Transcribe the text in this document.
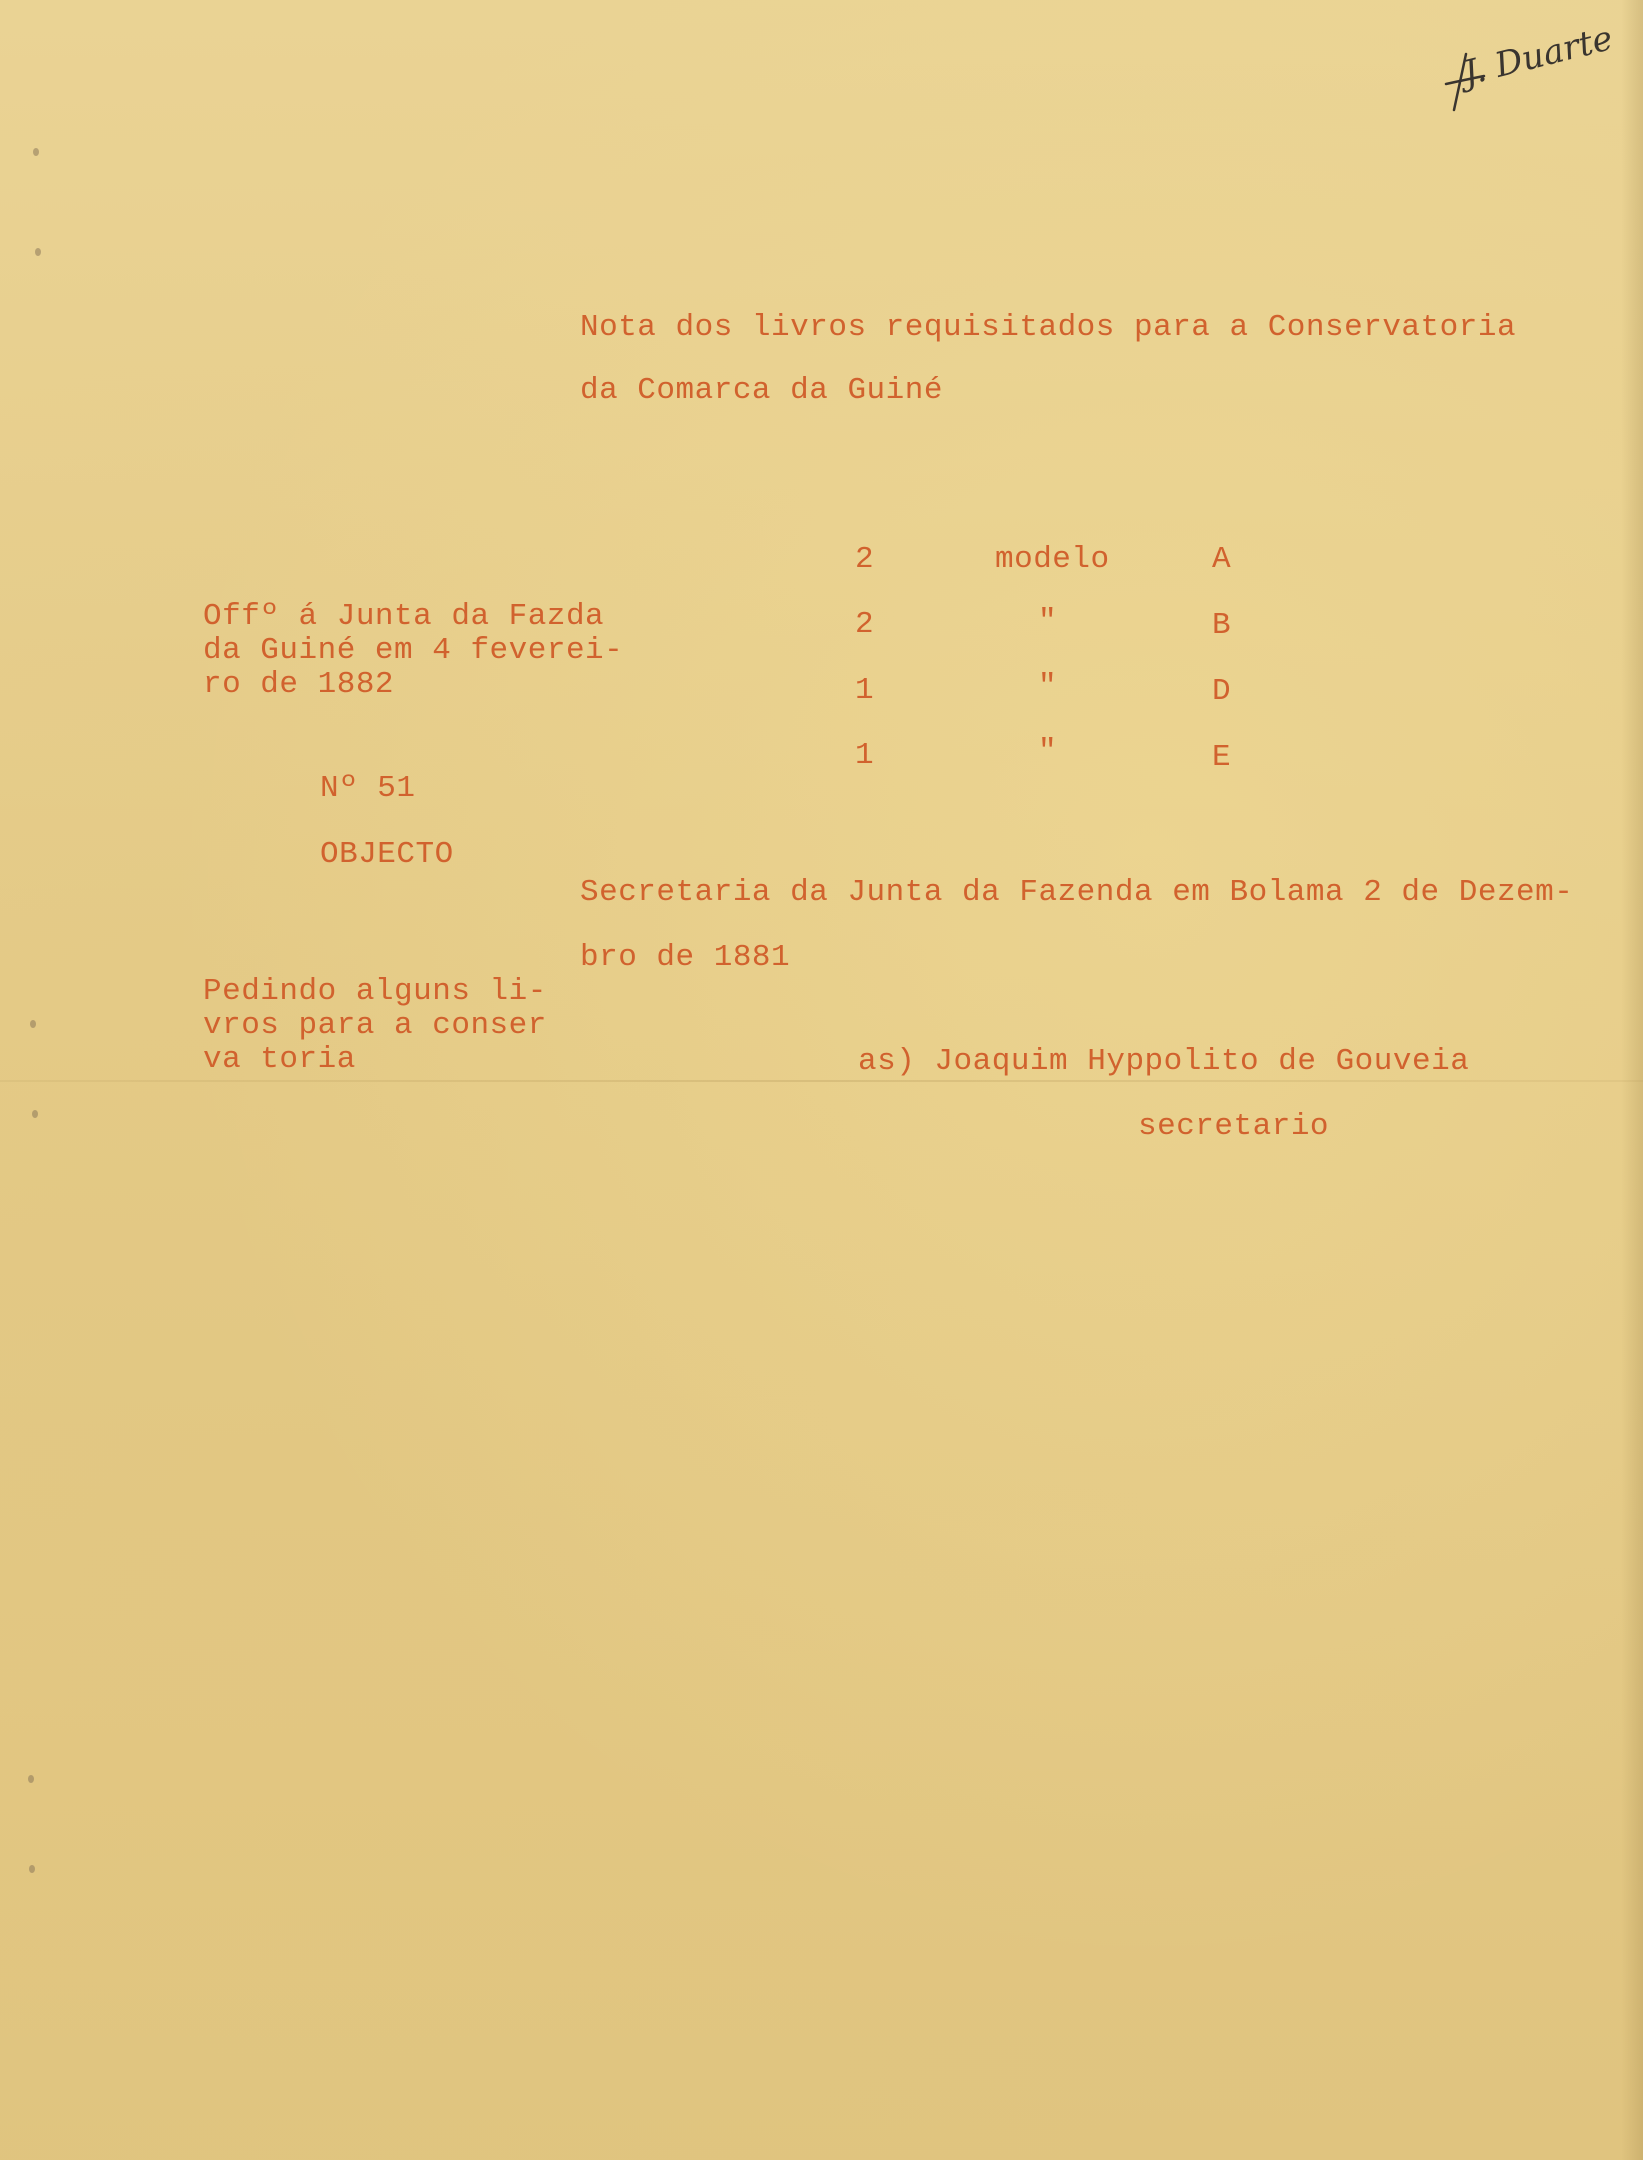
J. Duarte

Nota dos livros requisitados para a Conservatoria

da Comarca da Guiné

Offº á Junta da Fazda

da Guiné em 4 feverei-

ro de 1882

Nº 51

OBJECTO

Pedindo alguns li-

vros para a conser

va toria

2	modelo	A

2	"	B

1	"	D

1	"	E

Secretaria da Junta da Fazenda em Bolama 2 de Dezem-

bro de 1881

as) Joaquim Hyppolito de Gouveia

secretario
